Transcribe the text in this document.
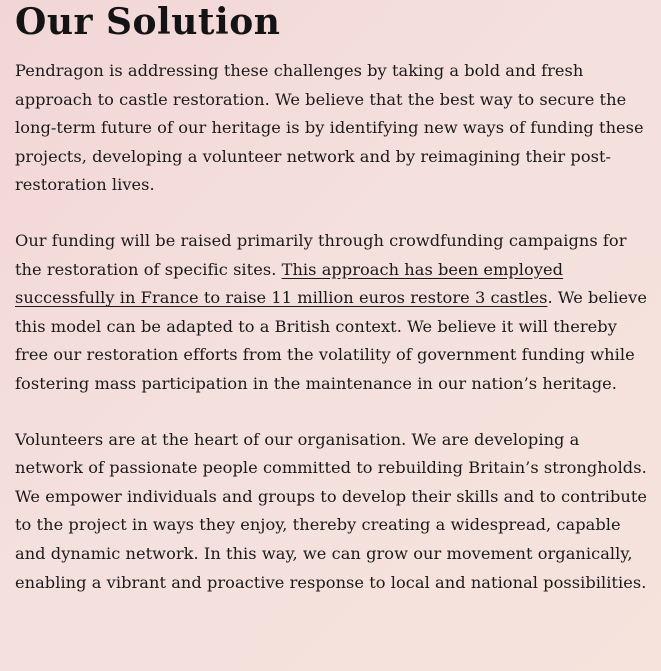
Our Solution

Pendragon is addressing these challenges by taking a bold and fresh approach to castle restoration. We believe that the best way to secure the long-term future of our heritage is by identifying new ways of funding these projects, developing a volunteer network and by reimagining their post-restoration lives.

Our funding will be raised primarily through crowdfunding campaigns for the restoration of specific sites. This approach has been employed successfully in France to raise 11 million euros restore 3 castles. We believe this model can be adapted to a British context. We believe it will thereby free our restoration efforts from the volatility of government funding while fostering mass participation in the maintenance in our nation’s heritage.

Volunteers are at the heart of our organisation. We are developing a network of passionate people committed to rebuilding Britain’s strongholds. We empower individuals and groups to develop their skills and to contribute to the project in ways they enjoy, thereby creating a widespread, capable and dynamic network. In this way, we can grow our movement organically, enabling a vibrant and proactive response to local and national possibilities.
